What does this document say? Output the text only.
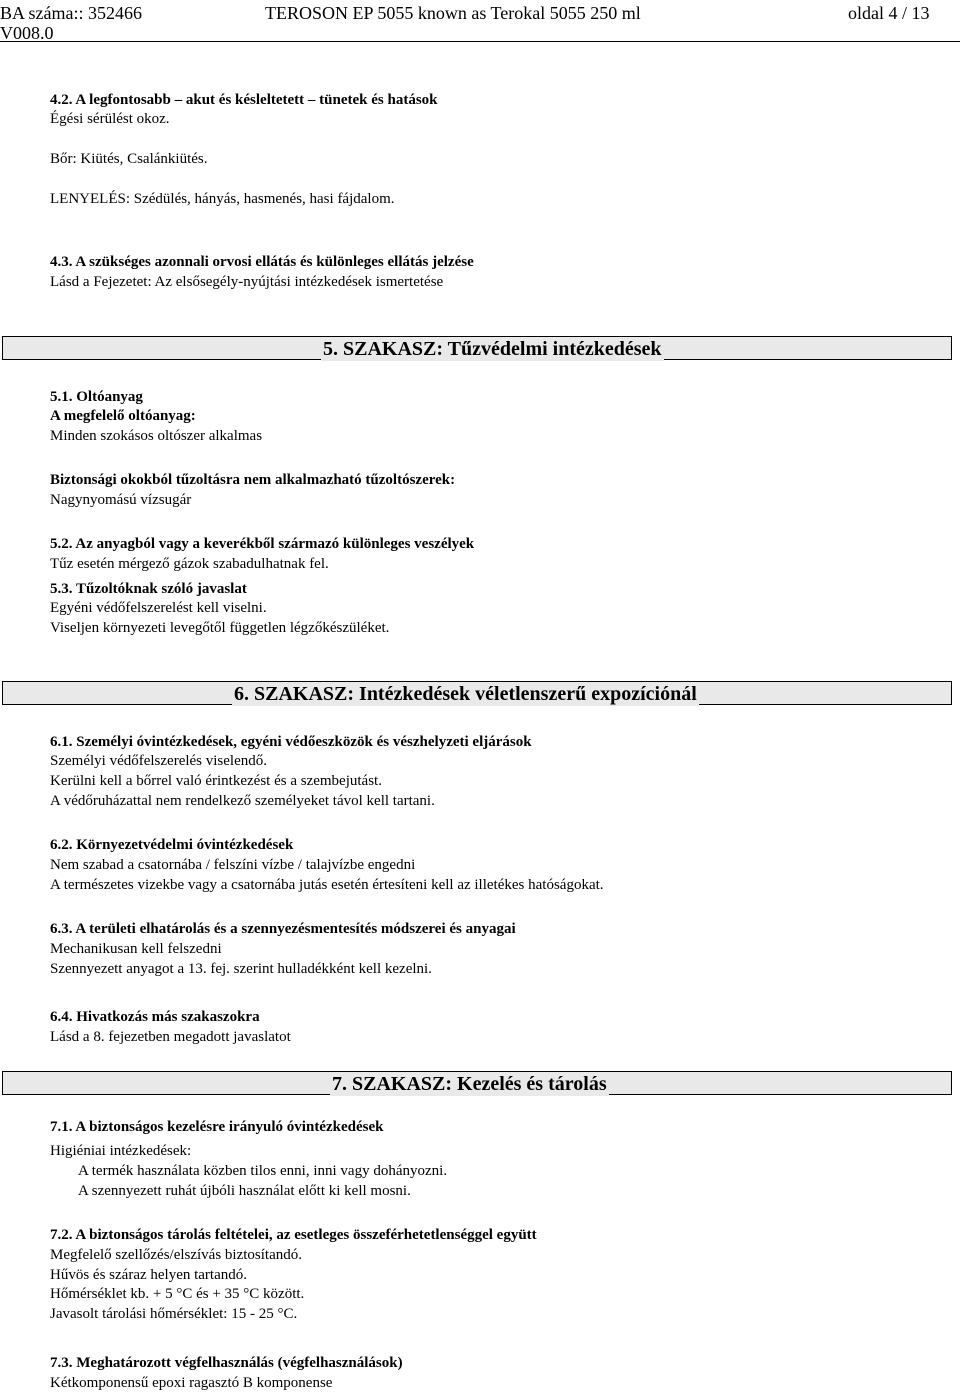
BA száma:: 352466	TEROSON EP 5055 known as Terokal 5055 250 ml	oldal 4 / 13
V008.0
4.2. A legfontosabb – akut és késleltetett – tünetek és hatások
Égési sérülést okoz.
Bőr: Kiütés, Csalánkiütés.
LENYELÉS: Szédülés, hányás, hasmenés, hasi fájdalom.
4.3. A szükséges azonnali orvosi ellátás és különleges ellátás jelzése
Lásd a Fejezetet: Az elsősegély-nyújtási intézkedések ismertetése
5. SZAKASZ: Tűzvédelmi intézkedések
5.1. Oltóanyag
A megfelelő oltóanyag:
Minden szokásos oltószer alkalmas
Biztonsági okokból tűzoltásra nem alkalmazható tűzoltószerek:
Nagynyomású vízsugár
5.2. Az anyagból vagy a keverékből származó különleges veszélyek
Tűz esetén mérgező gázok szabadulhatnak fel.
5.3. Tűzoltóknak szóló javaslat
Egyéni védőfelszerelést kell viselni.
Viseljen környezeti levegőtől független légzőkészüléket.
6. SZAKASZ: Intézkedések véletlenszerű expozíciónál
6.1. Személyi óvintézkedések, egyéni védőeszközök és vészhelyzeti eljárások
Személyi védőfelszerelés viselendő.
Kerülni kell a bőrrel való érintkezést és a szembejutást.
A védőruházattal nem rendelkező személyeket távol kell tartani.
6.2. Környezetvédelmi óvintézkedések
Nem szabad a csatornába / felszíni vízbe / talajvízbe engedni
A természetes vizekbe vagy a csatornába jutás esetén értesíteni kell az illetékes hatóságokat.
6.3. A területi elhatárolás és a szennyezésmentesítés módszerei és anyagai
Mechanikusan kell felszedni
Szennyezett anyagot a 13. fej. szerint hulladékként kell kezelni.
6.4. Hivatkozás más szakaszokra
Lásd a 8. fejezetben megadott javaslatot
7. SZAKASZ: Kezelés és tárolás
7.1. A biztonságos kezelésre irányuló óvintézkedések
Higiéniai intézkedések:
A termék használata közben tilos enni, inni vagy dohányozni.
A szennyezett ruhát újbóli használat előtt ki kell mosni.
7.2. A biztonságos tárolás feltételei, az esetleges összeférhetetlenséggel együtt
Megfelelő szellőzés/elszívás biztosítandó.
Hűvös és száraz helyen tartandó.
Hőmérséklet kb. + 5 °C és + 35 °C között.
Javasolt tárolási hőmérséklet: 15 - 25 °C.
7.3. Meghatározott végfelhasználás (végfelhasználások)
Kétkomponensű epoxi ragasztó B komponense
